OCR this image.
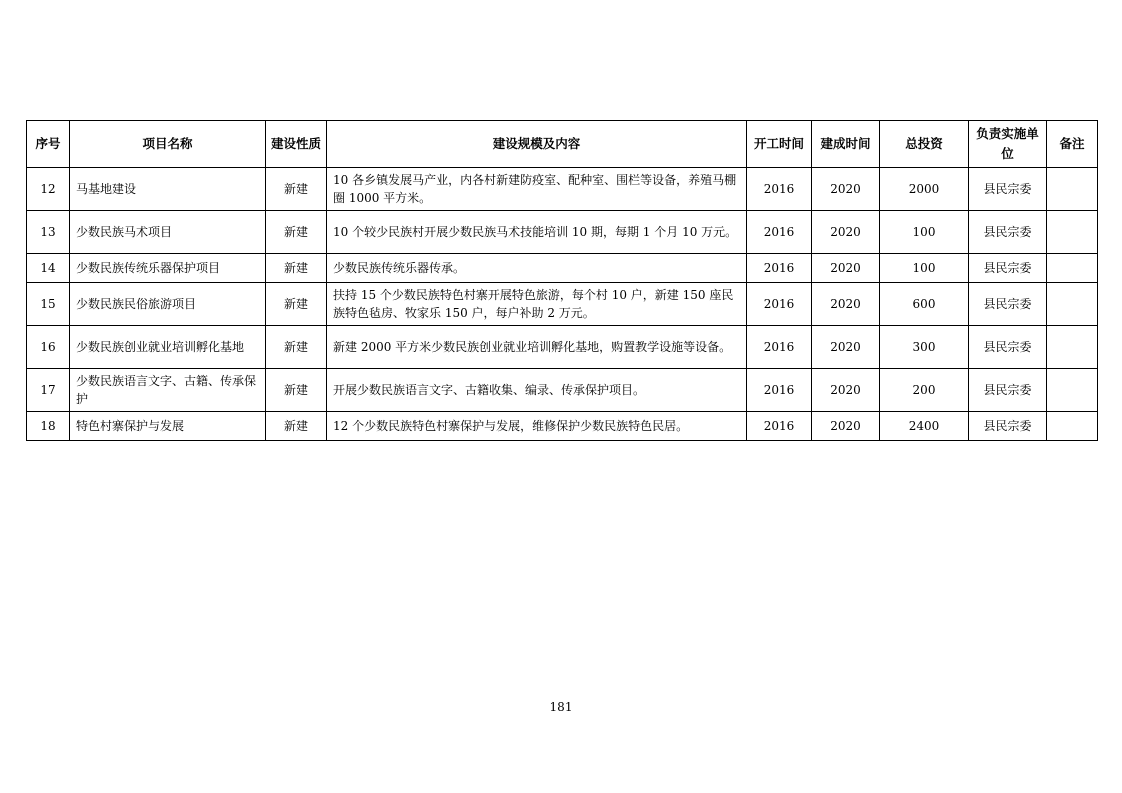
序号	项目名称	建设性质	建设规模及内容	开工时间	建成时间	总投资	负责实施单位	备注
12	马基地建设	新建	10 各乡镇发展马产业，内各村新建防疫室、配种室、围栏等设备，养殖马棚圈 1000 平方米。	2016	2020	2000	县民宗委	
13	少数民族马术项目	新建	10 个较少民族村开展少数民族马术技能培训 10 期，每期 1 个月 10 万元。	2016	2020	100	县民宗委	
14	少数民族传统乐器保护项目	新建	少数民族传统乐器传承。	2016	2020	100	县民宗委	
15	少数民族民俗旅游项目	新建	扶持 15 个少数民族特色村寨开展特色旅游，每个村 10 户，新建 150 座民族特色毡房、牧家乐 150 户，每户补助 2 万元。	2016	2020	600	县民宗委	
16	少数民族创业就业培训孵化基地	新建	新建 2000 平方米少数民族创业就业培训孵化基地，购置教学设施等设备。	2016	2020	300	县民宗委	
17	少数民族语言文字、古籍、传承保护	新建	开展少数民族语言文字、古籍收集、编录、传承保护项目。	2016	2020	200	县民宗委	
18	特色村寨保护与发展	新建	12 个少数民族特色村寨保护与发展，维修保护少数民族特色民居。	2016	2020	2400	县民宗委	
181
